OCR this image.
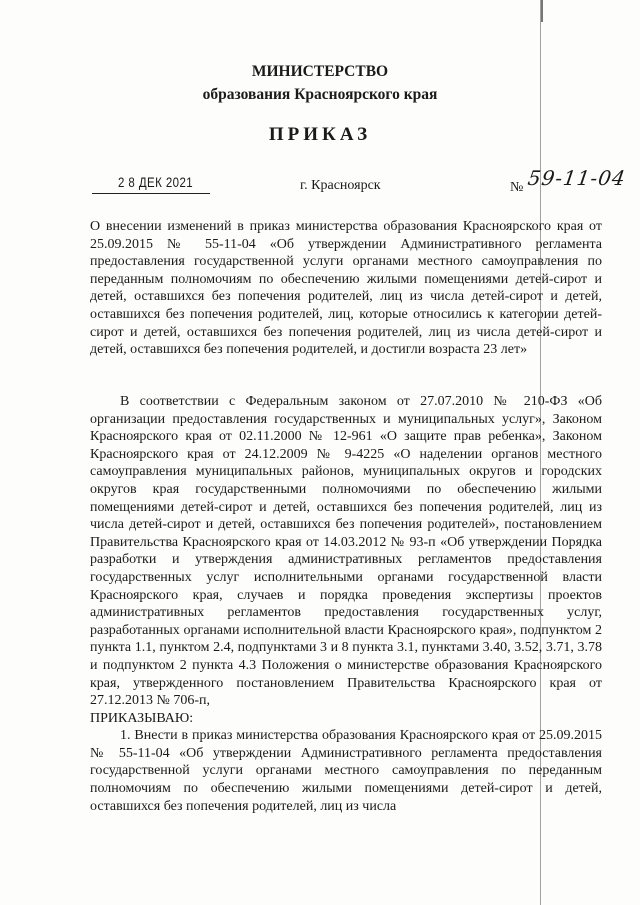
МИНИСТЕРСТВО
образования Красноярского края
ПРИКАЗ
2 8 ДЕК 2021	г. Красноярск	№ 59-11-04

О внесении изменений в приказ министерства образования Красноярского края от 25.09.2015 № 55-11-04 «Об утверждении Административного регламента предоставления государственной услуги органами местного самоуправления по переданным полномочиям по обеспечению жилыми помещениями детей-сирот и детей, оставшихся без попечения родителей, лиц из числа детей-сирот и детей, оставшихся без попечения родителей, лиц, которые относились к категории детей-сирот и детей, оставшихся без попечения родителей, лиц из числа детей-сирот и детей, оставшихся без попечения родителей, и достигли возраста 23 лет»

В соответствии с Федеральным законом от 27.07.2010 № 210-ФЗ «Об организации предоставления государственных и муниципальных услуг», Законом Красноярского края от 02.11.2000 № 12-961 «О защите прав ребенка», Законом Красноярского края от 24.12.2009 № 9-4225 «О наделении органов местного самоуправления муниципальных районов, муниципальных округов и городских округов края государственными полномочиями по обеспечению жилыми помещениями детей-сирот и детей, оставшихся без попечения родителей, лиц из числа детей-сирот и детей, оставшихся без попечения родителей», постановлением Правительства Красноярского края от 14.03.2012 № 93-п «Об утверждении Порядка разработки и утверждения административных регламентов предоставления государственных услуг исполнительными органами государственной власти Красноярского края, случаев и порядка проведения экспертизы проектов административных регламентов предоставления государственных услуг, разработанных органами исполнительной власти Красноярского края», подпунктом 2 пункта 1.1, пунктом 2.4, подпунктами 3 и 8 пункта 3.1, пунктами 3.40, 3.52, 3.71, 3.78 и подпунктом 2 пункта 4.3 Положения о министерстве образования Красноярского края, утвержденного постановлением Правительства Красноярского края от 27.12.2013 № 706-п,

ПРИКАЗЫВАЮ:

1. Внести в приказ министерства образования Красноярского края от 25.09.2015 № 55-11-04 «Об утверждении Административного регламента предоставления государственной услуги органами местного самоуправления по переданным полномочиям по обеспечению жилыми помещениями детей-сирот и детей, оставшихся без попечения родителей, лиц из числа
